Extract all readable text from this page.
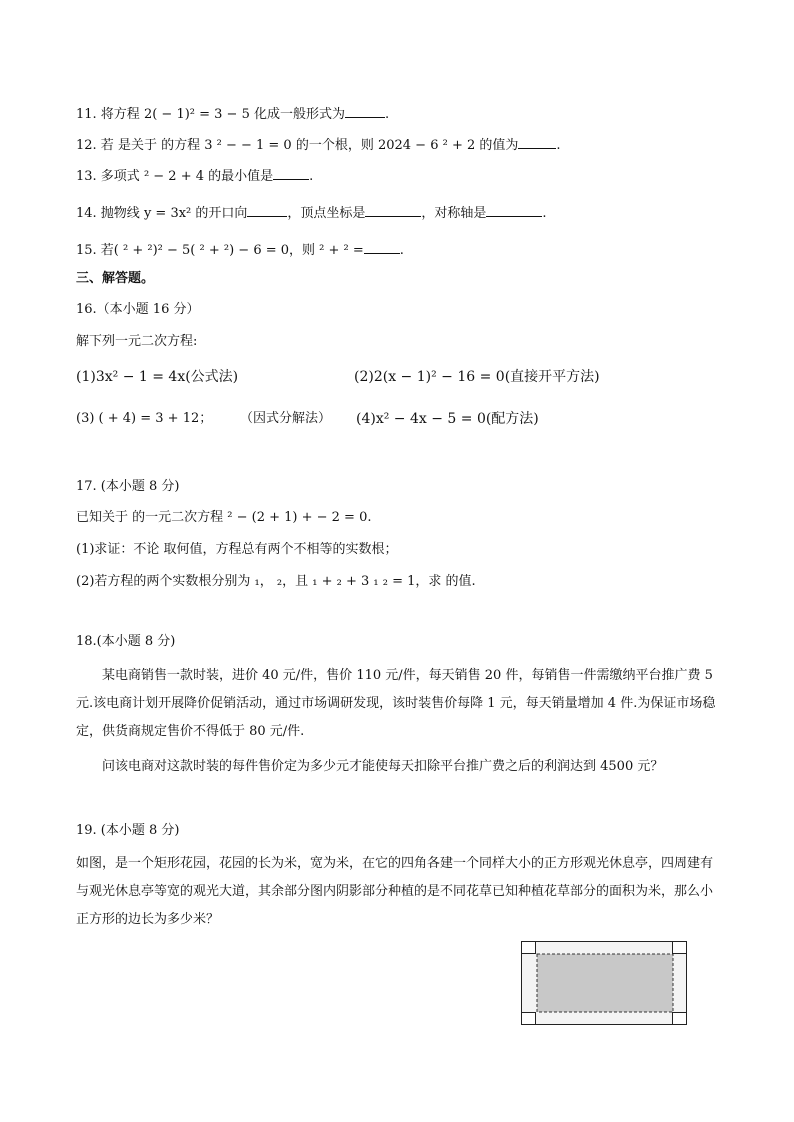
11. 将方程 2( − 1)² = 3 − 5 化成一般形式为	.
12. 若 是关于 的方程 3 ² − − 1 = 0 的一个根，则 2024 − 6 ² + 2 的值为	.
13. 多项式 ² − 2 + 4 的最小值是	.
14. 抛物线 y = 3x² 的开口向	，顶点坐标是	，对称轴是	.
15. 若( ² + ²)² − 5( ² + ²) − 6 = 0，则 ² + ² =	.
三、解答题。
16.（本小题 16 分）
解下列一元二次方程:
(1)3x² − 1 = 4x(公式法)	(2)2(x − 1)² − 16 = 0(直接开平方法)
(3) ( + 4) = 3 + 12； （因式分解法） (4)x² − 4x − 5 = 0(配方法)
17. (本小题 8 分)
已知关于 的一元二次方程 ² − (2 + 1) + − 2 = 0.
(1)求证：不论 取何值，方程总有两个不相等的实数根；
(2)若方程的两个实数根分别为 ₁， ₂，且 ₁ + ₂ + 3 ₁ ₂ = 1，求 的值.
18.(本小题 8 分)
某电商销售一款时装，进价 40 元/件，售价 110 元/件，每天销售 20 件，每销售一件需缴纳平台推广费 5 元.该电商计划开展降价促销活动，通过市场调研发现，该时装售价每降 1 元，每天销量增加 4 件.为保证市场稳定，供货商规定售价不得低于 80 元/件.
问该电商对这款时装的每件售价定为多少元才能使每天扣除平台推广费之后的利润达到 4500 元？
19. (本小题 8 分)
如图，是一个矩形花园，花园的长为米，宽为米，在它的四角各建一个同样大小的正方形观光休息亭，四周建有与观光休息亭等宽的观光大道，其余部分图内阴影部分种植的是不同花草已知种植花草部分的面积为米，那么小正方形的边长为多少米？
